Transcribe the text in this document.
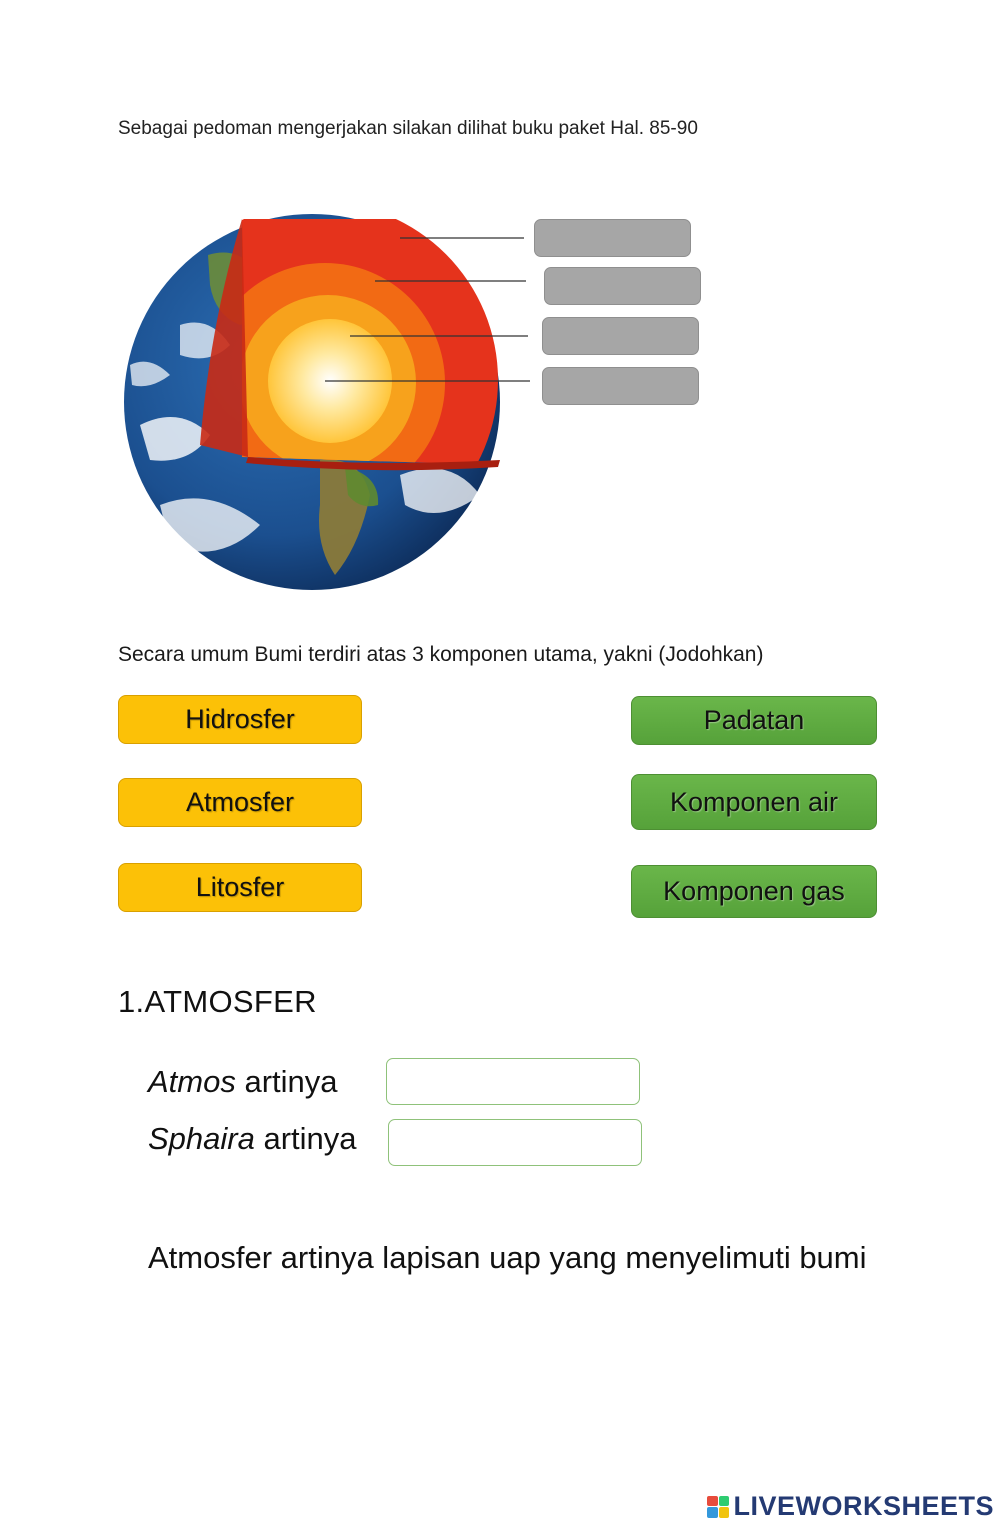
Sebagai pedoman mengerjakan silakan dilihat buku paket Hal. 85-90
Secara umum Bumi terdiri atas 3 komponen utama, yakni (Jodohkan)
Hidrosfer
Atmosfer
Litosfer
Padatan
Komponen air
Komponen gas
1.ATMOSFER
Atmos artinya
Sphaira artinya
Atmosfer artinya lapisan uap yang menyelimuti bumi
LIVEWORKSHEETS
